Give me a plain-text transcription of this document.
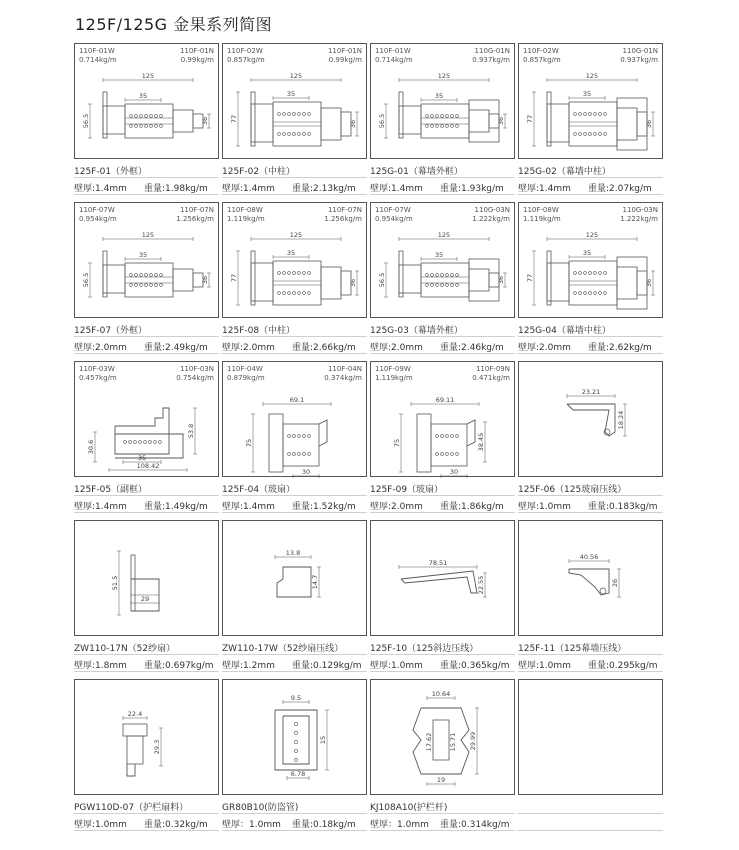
125F/125G 金果系列简图
110F-01W
0.714kg/m
110F-01N
0.99kg/m
125
35
56.5	36
125F-01（外框）
壁厚:1.4mm 重量:1.98kg/m
110F-02W
0.857kg/m
110F-01N
0.99kg/m
125
35
77
36
125F-02（中柱）
壁厚:1.4mm 重量:2.13kg/m
110F-01W
0.714kg/m
110G-01N
0.937kg/m
125
35
56.5	36
125G-01（幕墙外框）
壁厚:1.4mm 重量:1.93kg/m
110F-02W
0.857kg/m
110G-01N
0.937kg/m
125
35
77
36
125G-02（幕墙中柱）
壁厚:1.4mm 重量:2.07kg/m
110F-07W
0.954kg/m
110F-07N
1.256kg/m
125
35
56.5	36
125F-07（外框）
壁厚:2.0mm 重量:2.49kg/m
110F-08W
1.119kg/m
110F-07N
1.256kg/m
125
35
77
36
125F-08（中柱）
壁厚:2.0mm 重量:2.66kg/m
110F-07W
0.954kg/m
110G-03N
1.222kg/m
125
35
56.5	36
125G-03（幕墙外框）
壁厚:2.0mm 重量:2.46kg/m
110F-08W
1.119kg/m
110G-03N
1.222kg/m
125
35
77
36
125G-04（幕墙中柱）
壁厚:2.0mm 重量:2.62kg/m
110F-03W
0.457kg/m
110F-03N
0.754kg/m
35
108.42
30.6
53.8
125F-05（副框）
壁厚:1.4mm 重量:1.49kg/m
110F-04W
0.879kg/m
110F-04N
0.374kg/m
69.1
75
30
125F-04（玻扇）
壁厚:1.4mm 重量:1.52kg/m
110F-09W
1.119kg/m
110F-09N
0.471kg/m
69.11
75
30
38.45
125F-09（玻扇）
壁厚:2.0mm 重量:1.86kg/m
23.21
18.24
125F-06（125玻扇压线）
壁厚:1.0mm 重量:0.183kg/m
51.5
29
ZW110-17N（52纱扇）
壁厚:1.8mm 重量:0.697kg/m
13.8
14.7
ZW110-17W（52纱扇压线）
壁厚:1.2mm 重量:0.129kg/m
78.51
22.55
125F-10（125斜边压线）
壁厚:1.0mm 重量:0.365kg/m
40.56
26
125F-11（125幕墙压线）
壁厚:1.0mm 重量:0.295kg/m
22.4
29.3
PGW110D-07（护栏扇料）
壁厚:1.0mm 重量:0.32kg/m
9.5
15
6.78
GR80B10(防盗管)
壁厚：1.0mm 重量:0.18kg/m
10.64
17.62 15.71 29.99
19
KJ108A10(护栏杆)
壁厚：1.0mm 重量:0.314kg/m
